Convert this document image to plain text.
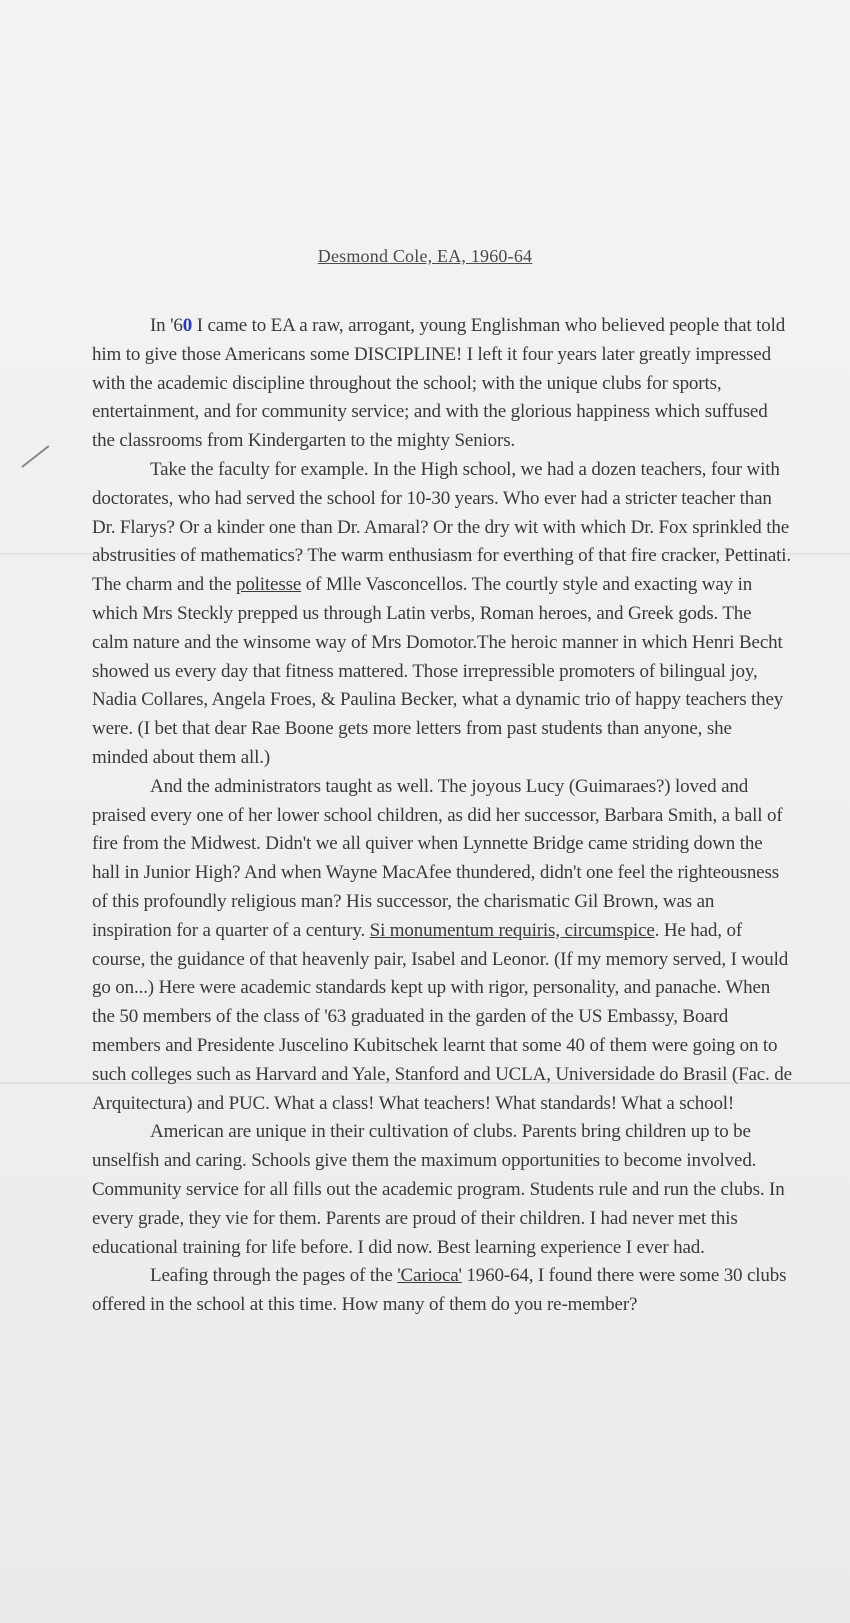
Desmond Cole, EA, 1960-64

In '60 I came to EA a raw, arrogant, young Englishman who believed people that told him to give those Americans some DISCIPLINE! I left it four years later greatly impressed with the academic discipline throughout the school; with the unique clubs for sports, entertainment, and for community service; and with the glorious happiness which suffused the classrooms from Kindergarten to the mighty Seniors.

Take the faculty for example. In the High school, we had a dozen teachers, four with doctorates, who had served the school for 10-30 years. Who ever had a stricter teacher than Dr. Flarys? Or a kinder one than Dr. Amaral? Or the dry wit with which Dr. Fox sprinkled the abstrusities of mathematics? The warm enthusiasm for everthing of that fire cracker, Pettinati. The charm and the politesse of Mlle Vasconcellos. The courtly style and exacting way in which Mrs Steckly prepped us through Latin verbs, Roman heroes, and Greek gods. The calm nature and the winsome way of Mrs Domotor.The heroic manner in which Henri Becht showed us every day that fitness mattered. Those irrepressible promoters of bilingual joy, Nadia Collares, Angela Froes, & Paulina Becker, what a dynamic trio of happy teachers they were. (I bet that dear Rae Boone gets more letters from past students than anyone, she minded about them all.)

And the administrators taught as well. The joyous Lucy (Guimaraes?) loved and praised every one of her lower school children, as did her successor, Barbara Smith, a ball of fire from the Midwest. Didn't we all quiver when Lynnette Bridge came striding down the hall in Junior High? And when Wayne MacAfee thundered, didn't one feel the righteousness of this profoundly religious man? His successor, the charismatic Gil Brown, was an inspiration for a quarter of a century. Si monumentum requiris, circumspice. He had, of course, the guidance of that heavenly pair, Isabel and Leonor. (If my memory served, I would go on...) Here were academic standards kept up with rigor, personality, and panache. When the 50 members of the class of '63 graduated in the garden of the US Embassy, Board members and Presidente Juscelino Kubitschek learnt that some 40 of them were going on to such colleges such as Harvard and Yale, Stanford and UCLA, Universidade do Brasil (Fac. de Arquitectura) and PUC. What a class! What teachers! What standards! What a school!

American are unique in their cultivation of clubs. Parents bring children up to be unselfish and caring. Schools give them the maximum opportunities to become involved. Community service for all fills out the academic program. Students rule and run the clubs. In every grade, they vie for them. Parents are proud of their children. I had never met this educational training for life before. I did now. Best learning experience I ever had.

Leafing through the pages of the 'Carioca' 1960-64, I found there were some 30 clubs offered in the school at this time. How many of them do you re-member?
